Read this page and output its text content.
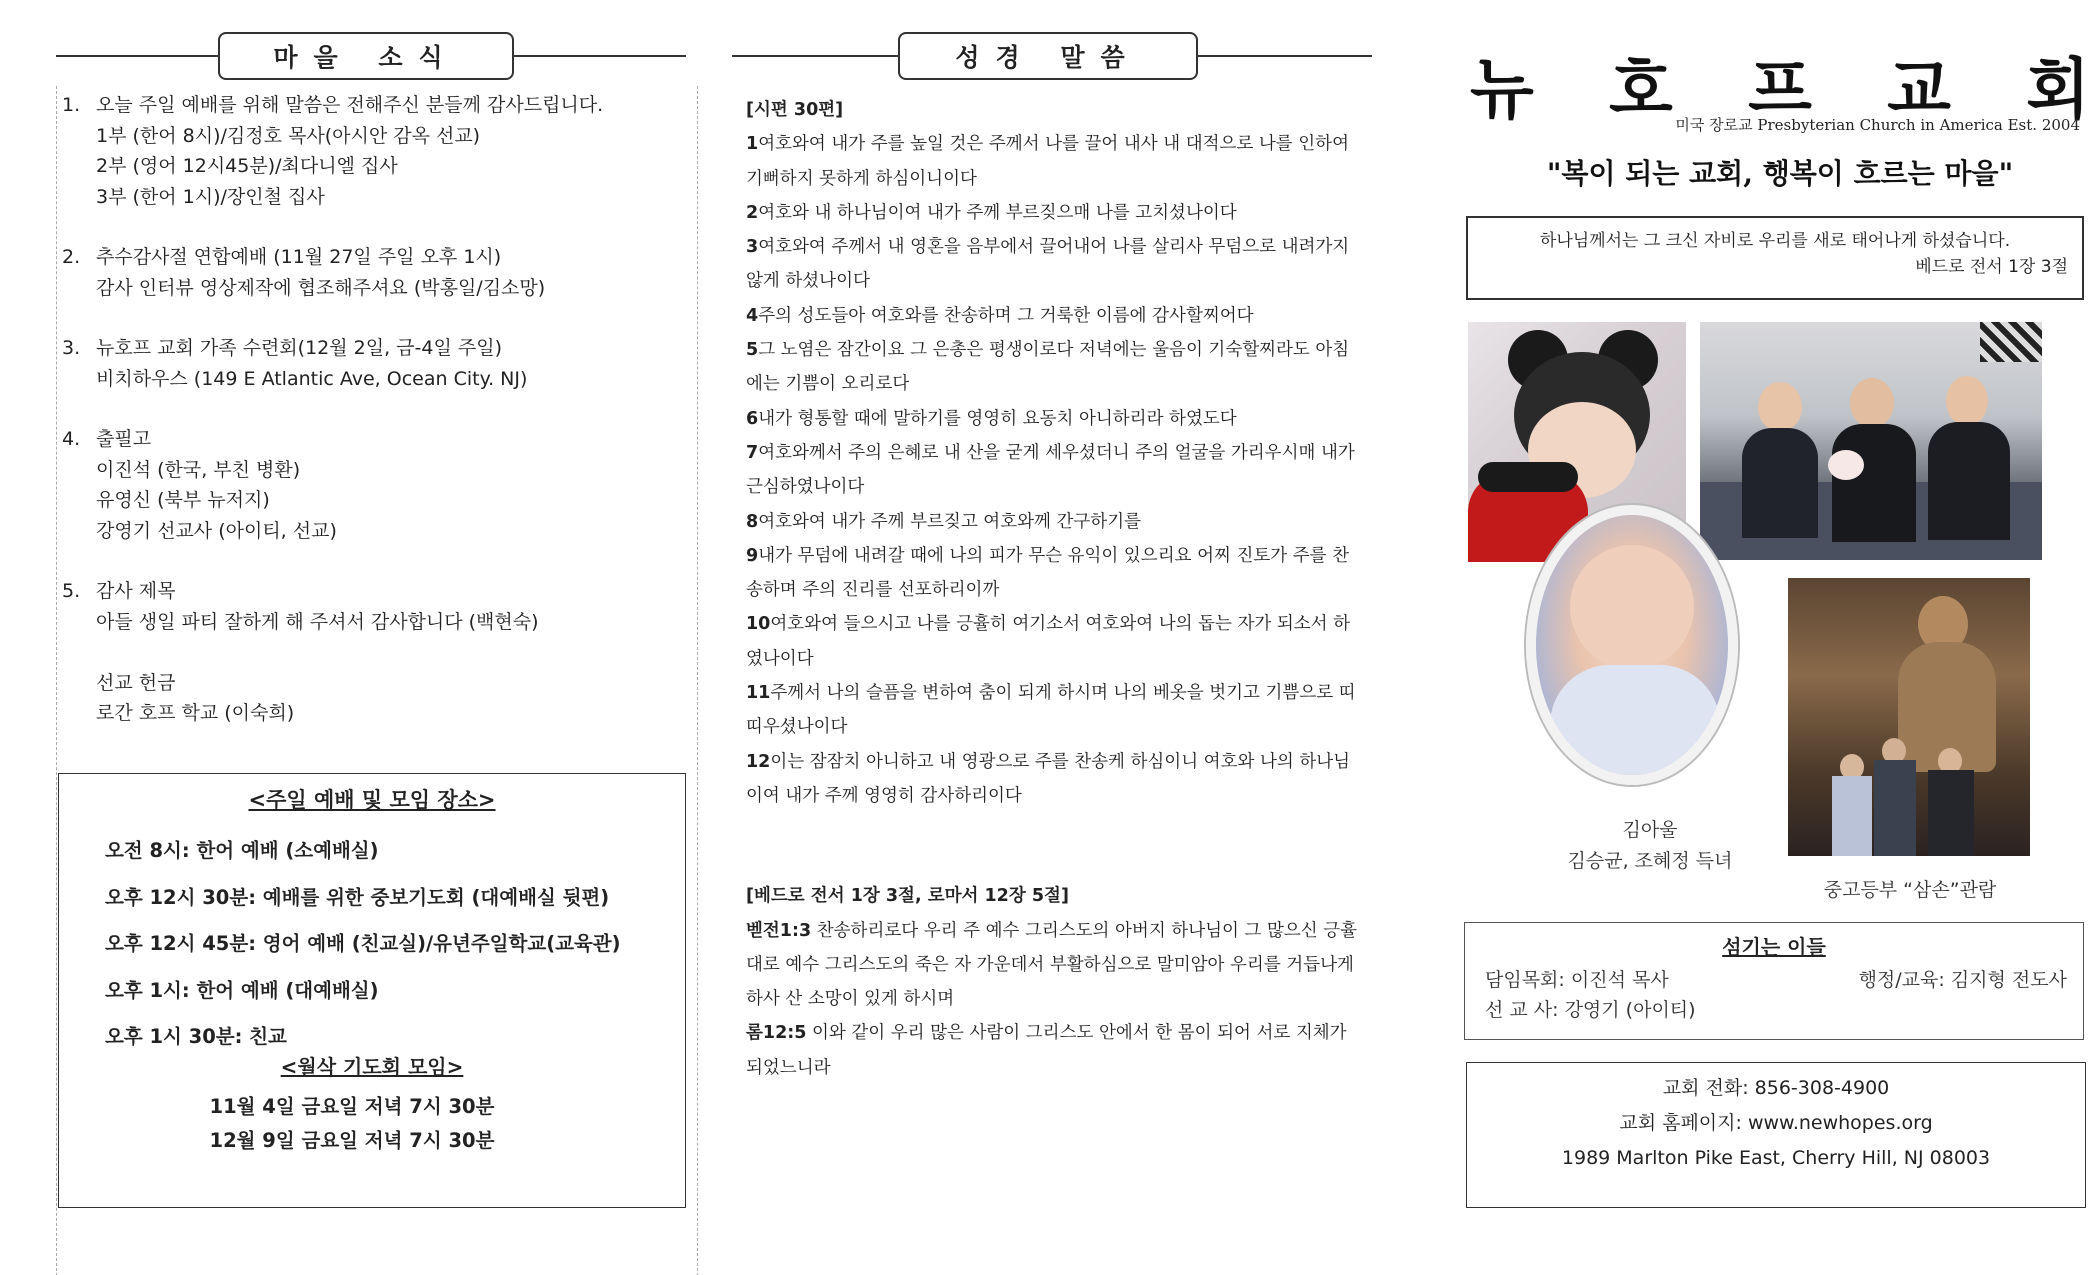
마을 소식
1. 오늘 주일 예배를 위해 말씀은 전해주신 분들께 감사드립니다.
1부 (한어 8시)/김정호 목사(아시안 감옥 선교)
2부 (영어 12시45분)/최다니엘 집사
3부 (한어 1시)/장인철 집사
2. 추수감사절 연합예배 (11월 27일 주일 오후 1시)
감사 인터뷰 영상제작에 협조해주셔요 (박홍일/김소망)
3. 뉴호프 교회 가족 수련회(12월 2일, 금-4일 주일)
비치하우스 (149 E Atlantic Ave, Ocean City. NJ)
4. 출필고
이진석 (한국, 부친 병환)
유영신 (북부 뉴저지)
강영기 선교사 (아이티, 선교)
5. 감사 제목
아들 생일 파티 잘하게 해 주셔서 감사합니다 (백현숙)
선교 헌금
로간 호프 학교 (이숙희)
<주일 예배 및 모임 장소>
오전 8시: 한어 예배 (소예배실)
오후 12시 30분: 예배를 위한 중보기도회 (대예배실 뒷편)
오후 12시 45분: 영어 예배 (친교실)/유년주일학교(교육관)
오후 1시: 한어 예배 (대예배실)
오후 1시 30분: 친교
<월삭 기도회 모임>
11월 4일 금요일 저녁 7시 30분
12월 9일 금요일 저녁 7시 30분
성경 말씀
[시편 30편]
1여호와여 내가 주를 높일 것은 주께서 나를 끌어 내사 내 대적으로 나를 인하여
기뻐하지 못하게 하심이니이다
2여호와 내 하나님이여 내가 주께 부르짖으매 나를 고치셨나이다
3여호와여 주께서 내 영혼을 음부에서 끌어내어 나를 살리사 무덤으로 내려가지
않게 하셨나이다
4주의 성도들아 여호와를 찬송하며 그 거룩한 이름에 감사할찌어다
5그 노염은 잠간이요 그 은총은 평생이로다 저녁에는 울음이 기숙할찌라도 아침
에는 기쁨이 오리로다
6내가 형통할 때에 말하기를 영영히 요동치 아니하리라 하였도다
7여호와께서 주의 은혜로 내 산을 굳게 세우셨더니 주의 얼굴을 가리우시매 내가
근심하였나이다
8여호와여 내가 주께 부르짖고 여호와께 간구하기를
9내가 무덤에 내려갈 때에 나의 피가 무슨 유익이 있으리요 어찌 진토가 주를 찬
송하며 주의 진리를 선포하리이까
10여호와여 들으시고 나를 긍휼히 여기소서 여호와여 나의 돕는 자가 되소서 하
였나이다
11주께서 나의 슬픔을 변하여 춤이 되게 하시며 나의 베옷을 벗기고 기쁨으로 띠
띠우셨나이다
12이는 잠잠치 아니하고 내 영광으로 주를 찬송케 하심이니 여호와 나의 하나님
이여 내가 주께 영영히 감사하리이다
[베드로 전서 1장 3절, 로마서 12장 5절]
벧전1:3 찬송하리로다 우리 주 예수 그리스도의 아버지 하나님이 그 많으신 긍휼
대로 예수 그리스도의 죽은 자 가운데서 부활하심으로 말미암아 우리를 거듭나게
하사 산 소망이 있게 하시며
롬12:5 이와 같이 우리 많은 사람이 그리스도 안에서 한 몸이 되어 서로 지체가
되었느니라
뉴 호 프 교 회
미국 장로교 Presbyterian Church in America Est. 2004
"복이 되는 교회, 행복이 흐르는 마을"
하나님께서는 그 크신 자비로 우리를 새로 태어나게 하셨습니다.
베드로 전서 1장 3절
김아울
김승균, 조혜정 득녀
중고등부 “삼손”관람
섬기는 이들
담임목회: 이진석 목사	행정/교육: 김지형 전도사
선 교 사: 강영기 (아이티)
교회 전화: 856-308-4900
교회 홈페이지: www.newhopes.org
1989 Marlton Pike East, Cherry Hill, NJ 08003
